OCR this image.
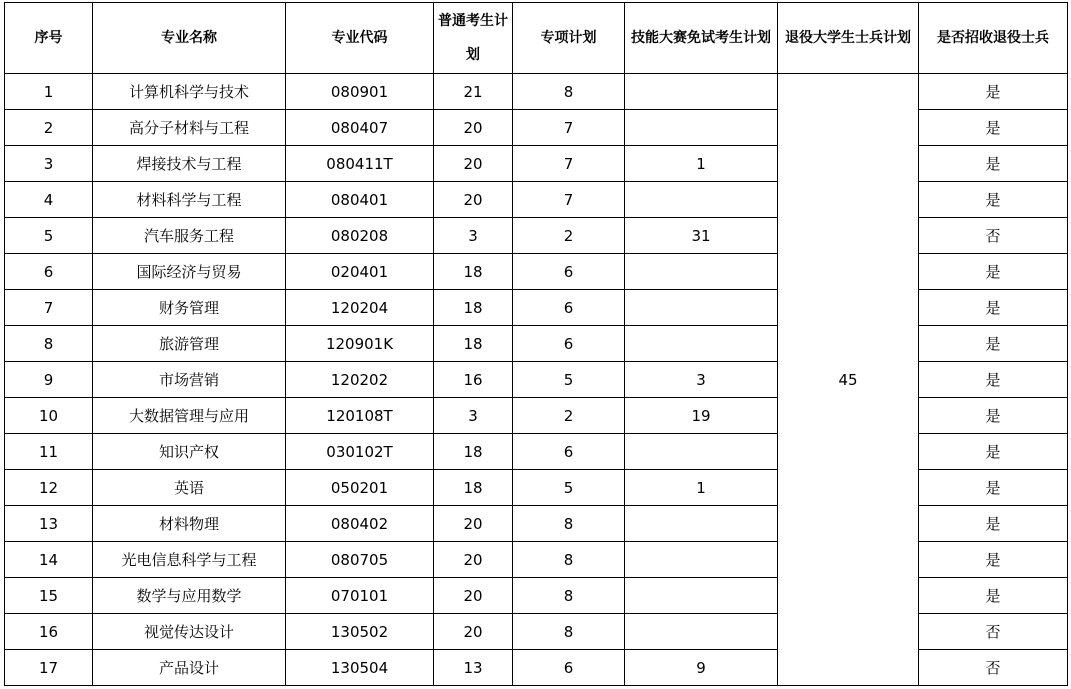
序号	专业名称	专业代码	普通考生计划	专项计划	技能大赛免试考生计划	退役大学生士兵计划	是否招收退役士兵
1	计算机科学与技术	080901	21	8		45	是
2	高分子材料与工程	080407	20	7			是
3	焊接技术与工程	080411T	20	7	1		是
4	材料科学与工程	080401	20	7			是
5	汽车服务工程	080208	3	2	31		否
6	国际经济与贸易	020401	18	6			是
7	财务管理	120204	18	6			是
8	旅游管理	120901K	18	6			是
9	市场营销	120202	16	5	3		是
10	大数据管理与应用	120108T	3	2	19		是
11	知识产权	030102T	18	6			是
12	英语	050201	18	5	1		是
13	材料物理	080402	20	8			是
14	光电信息科学与工程	080705	20	8			是
15	数学与应用数学	070101	20	8			是
16	视觉传达设计	130502	20	8			否
17	产品设计	130504	13	6	9		否
